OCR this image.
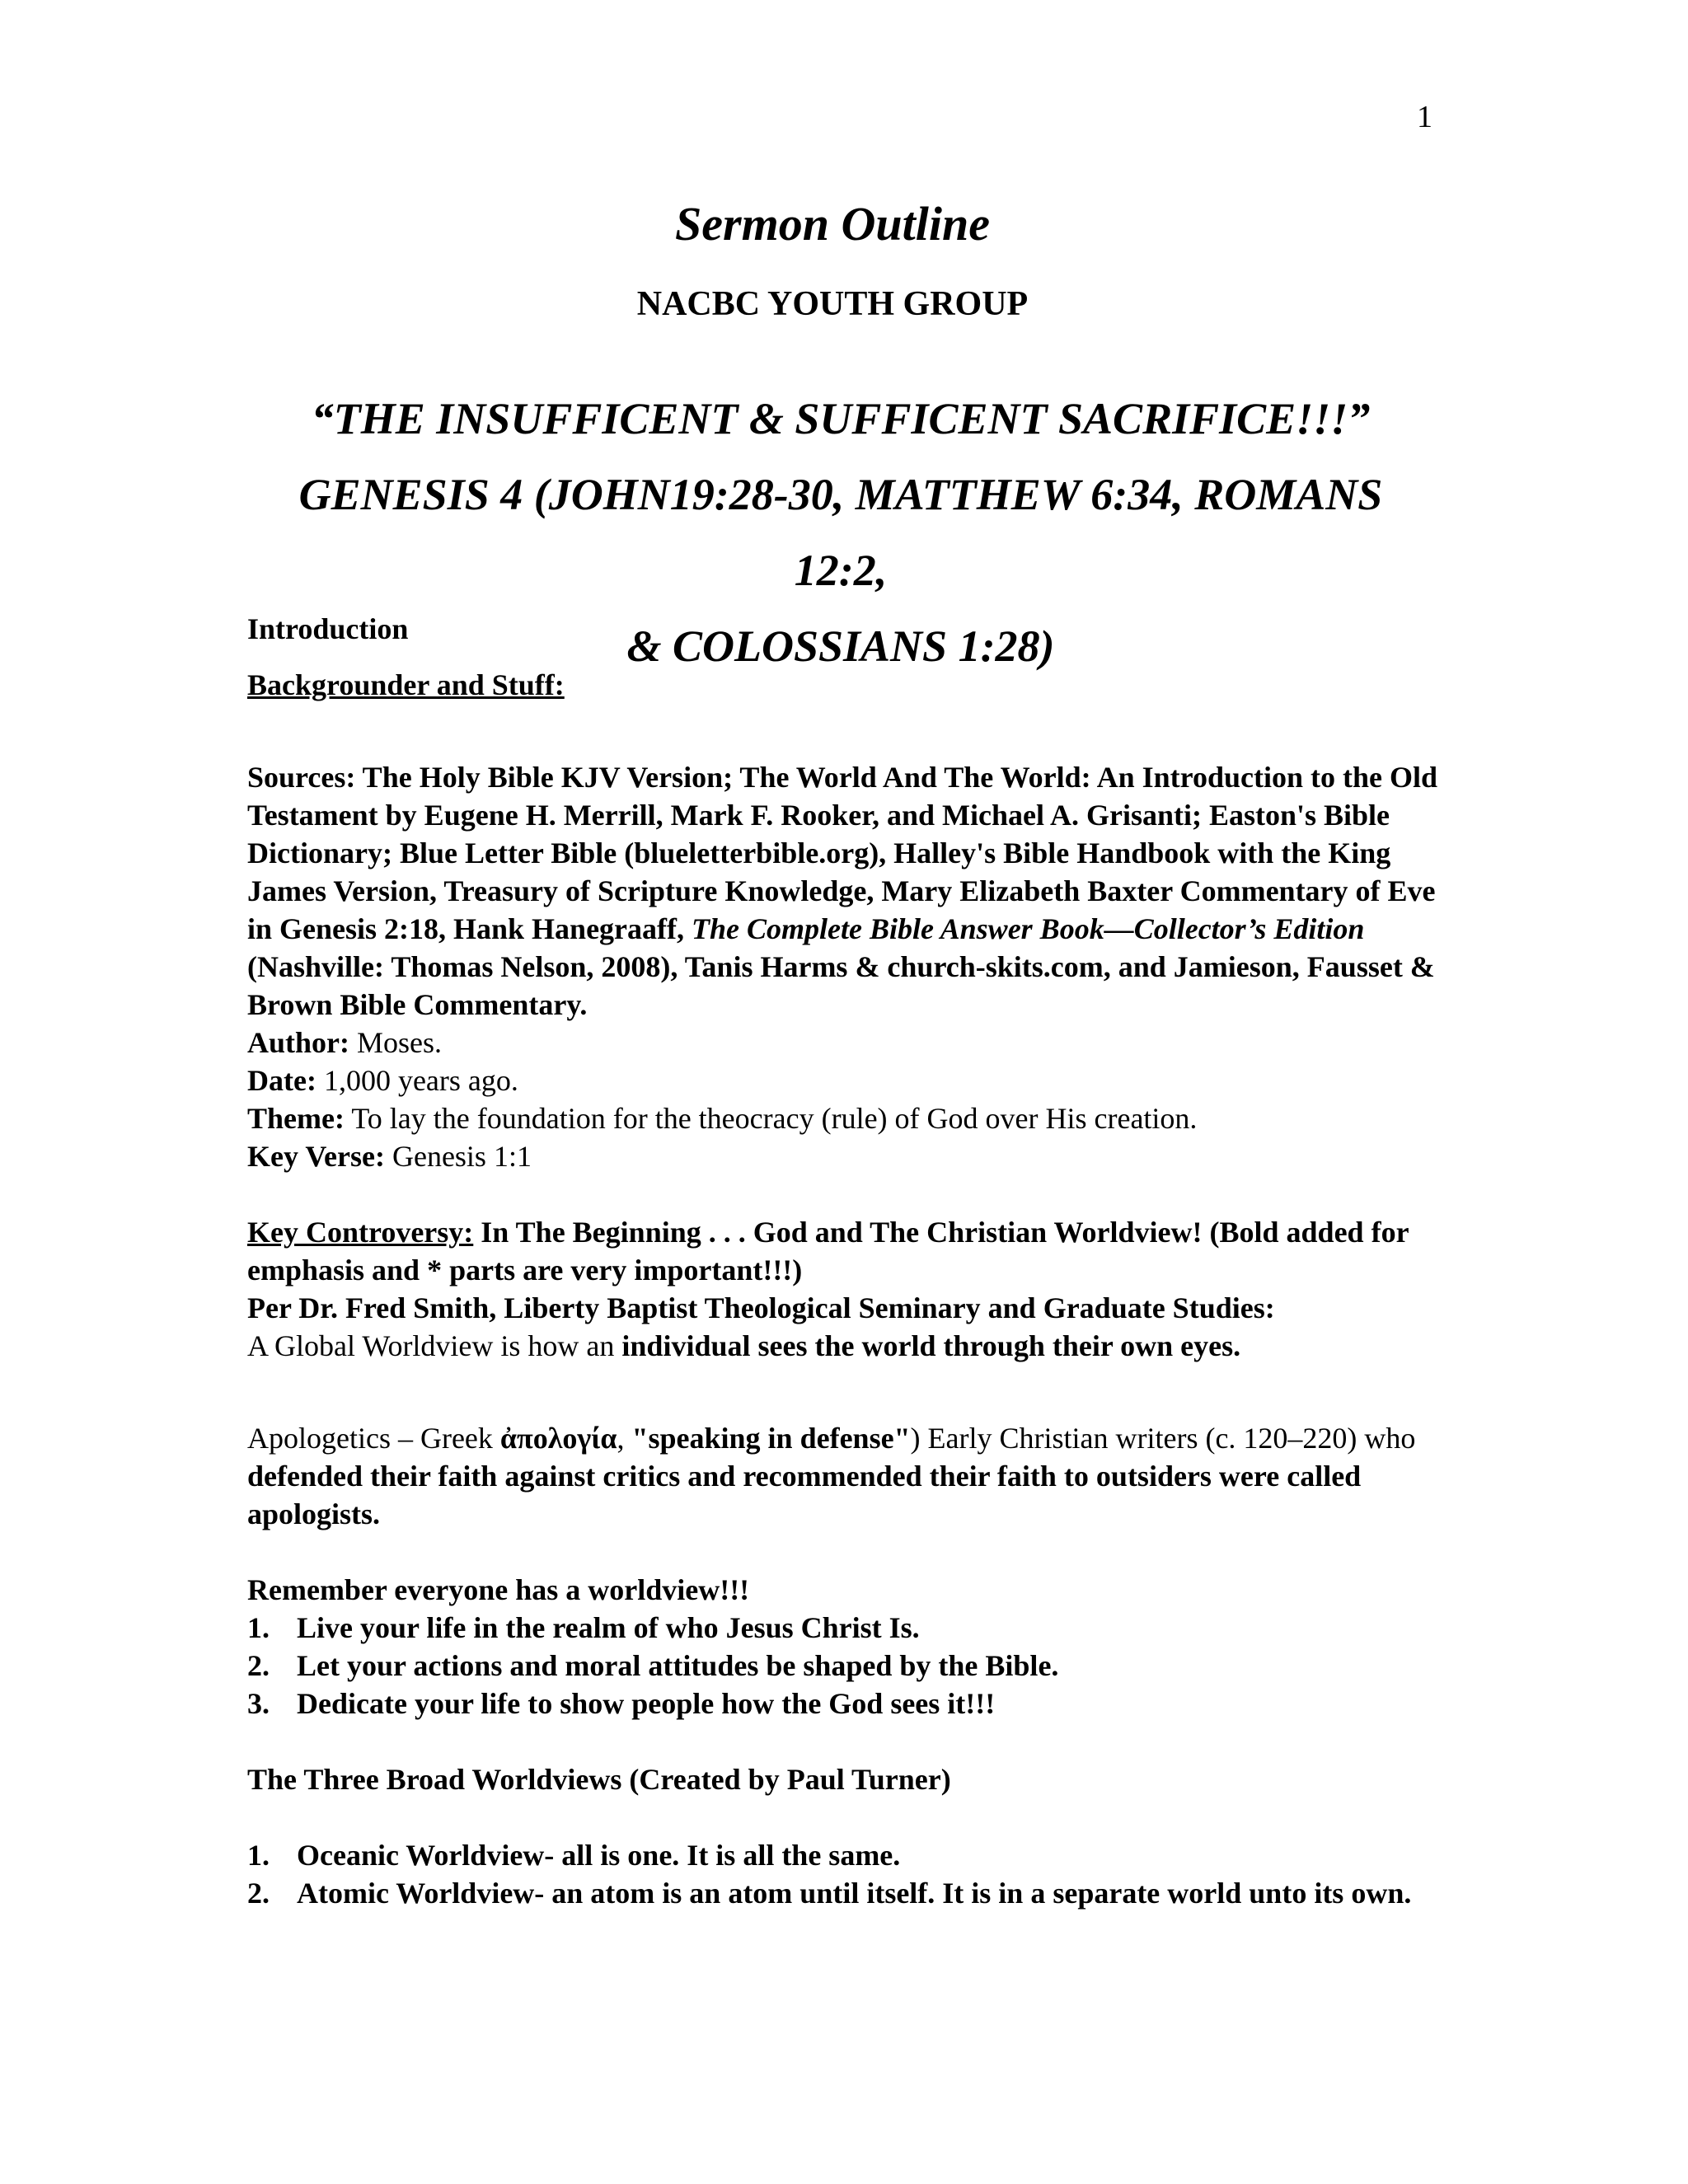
1
Sermon Outline
NACBC YOUTH GROUP
“THE INSUFFICENT & SUFFICENT SACRIFICE!!!”
GENESIS 4 (JOHN19:28-30, MATTHEW 6:34, ROMANS 12:2,
& COLOSSIANS 1:28)

Introduction

Backgrounder and Stuff:

Sources: The Holy Bible KJV Version; The World And The World: An Introduction to the Old Testament by Eugene H. Merrill, Mark F. Rooker, and Michael A. Grisanti; Easton's Bible Dictionary; Blue Letter Bible (blueletterbible.org), Halley's Bible Handbook with the King James Version, Treasury of Scripture Knowledge, Mary Elizabeth Baxter Commentary of Eve in Genesis 2:18, Hank Hanegraaff, The Complete Bible Answer Book—Collector’s Edition (Nashville: Thomas Nelson, 2008), Tanis Harms & church-skits.com, and Jamieson, Fausset & Brown Bible Commentary.

Author: Moses.

Date: 1,000 years ago.

Theme: To lay the foundation for the theocracy (rule) of God over His creation.

Key Verse: Genesis 1:1

Key Controversy: In The Beginning . . . God and The Christian Worldview! (Bold added for emphasis and * parts are very important!!!)

Per Dr. Fred Smith, Liberty Baptist Theological Seminary and Graduate Studies:

A Global Worldview is how an individual sees the world through their own eyes.

Apologetics – Greek ἀπολογία, "speaking in defense") Early Christian writers (c. 120–220) who defended their faith against critics and recommended their faith to outsiders were called apologists.

Remember everyone has a worldview!!!

1. Live your life in the realm of who Jesus Christ Is.
2. Let your actions and moral attitudes be shaped by the Bible.
3. Dedicate your life to show people how the God sees it!!!

The Three Broad Worldviews (Created by Paul Turner)

1. Oceanic Worldview- all is one. It is all the same.
2. Atomic Worldview- an atom is an atom until itself. It is in a separate world unto its own.
